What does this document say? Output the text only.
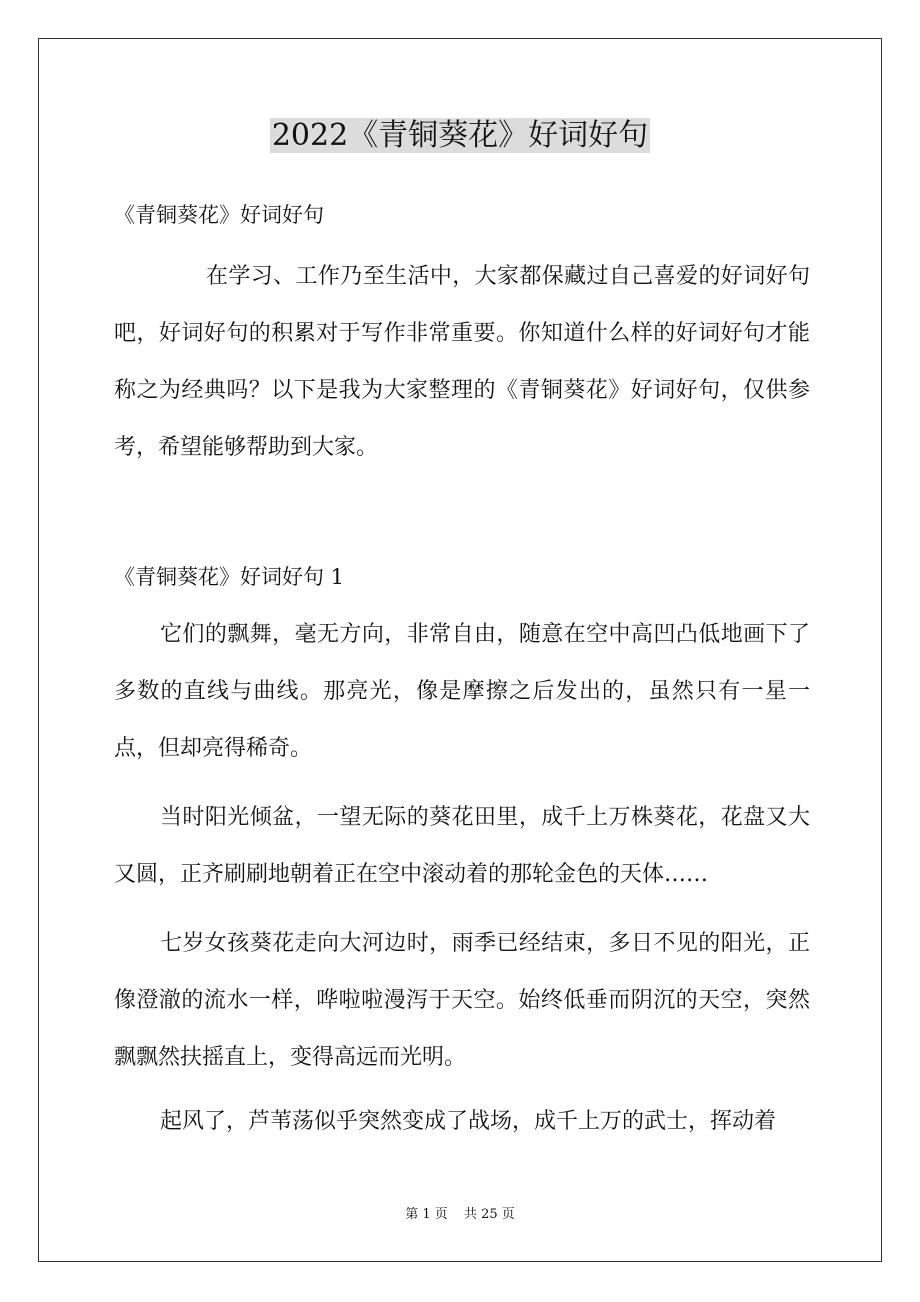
2022《青铜葵花》好词好句
《青铜葵花》好词好句

在学习、工作乃至生活中，大家都保藏过自己喜爱的好词好句吧，好词好句的积累对于写作非常重要。你知道什么样的好词好句才能称之为经典吗？以下是我为大家整理的《青铜葵花》好词好句，仅供参考，希望能够帮助到大家。

《青铜葵花》好词好句 1

它们的飘舞，毫无方向，非常自由，随意在空中高凹凸低地画下了多数的直线与曲线。那亮光，像是摩擦之后发出的，虽然只有一星一点，但却亮得稀奇。

当时阳光倾盆，一望无际的葵花田里，成千上万株葵花，花盘又大又圆，正齐刷刷地朝着正在空中滚动着的那轮金色的天体……

七岁女孩葵花走向大河边时，雨季已经结束，多日不见的阳光，正像澄澈的流水一样，哗啦啦漫泻于天空。始终低垂而阴沉的天空，突然飘飘然扶摇直上，变得高远而光明。

起风了，芦苇荡似乎突然变成了战场，成千上万的武士，挥动着

第 1 页 共 25 页
